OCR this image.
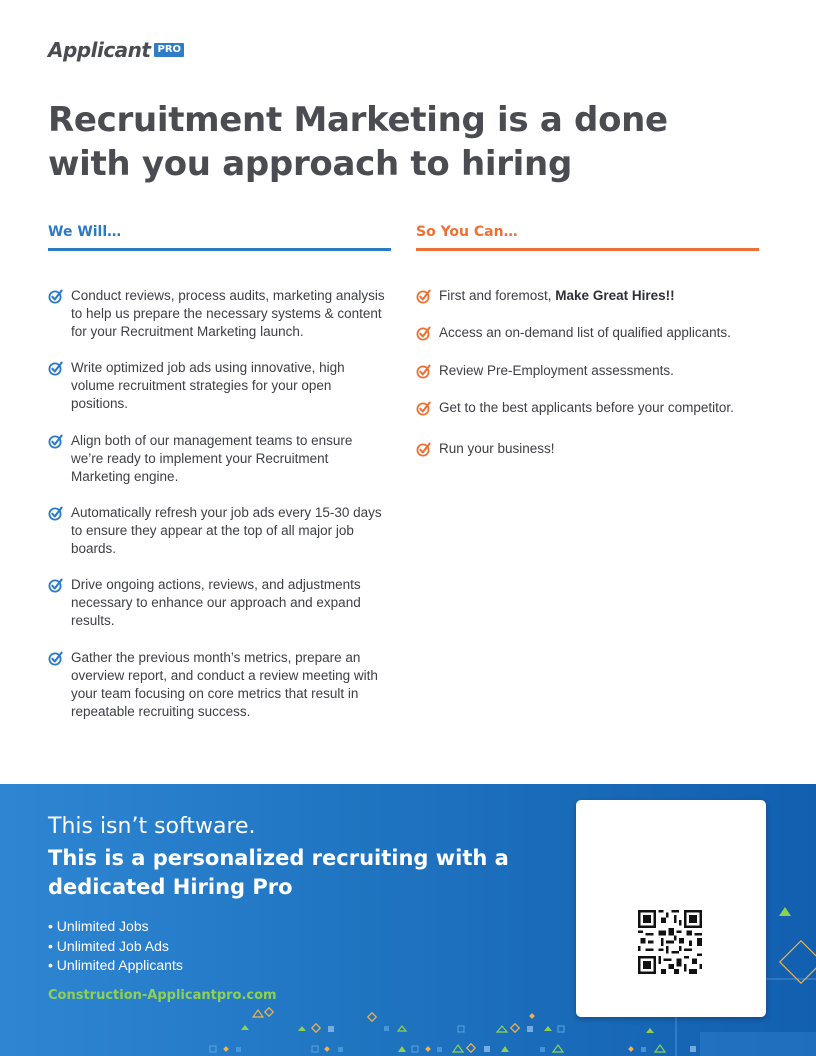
Applicant PRO
Recruitment Marketing is a done with you approach to hiring
We Will…	So You Can…
Conduct reviews, process audits, marketing analysis to help us prepare the necessary systems & content for your Recruitment Marketing launch.
Write optimized job ads using innovative, high volume recruitment strategies for your open positions.
Align both of our management teams to ensure we’re ready to implement your Recruitment Marketing engine.
Automatically refresh your job ads every 15-30 days to ensure they appear at the top of all major job boards.
Drive ongoing actions, reviews, and adjustments necessary to enhance our approach and expand results.
Gather the previous month’s metrics, prepare an overview report, and conduct a review meeting with your team focusing on core metrics that result in repeatable recruiting success.
First and foremost, Make Great Hires!!
Access an on-demand list of qualified applicants.
Review Pre-Employment assessments.
Get to the best applicants before your competitor.
Run your business!
This isn’t software.
This is a personalized recruiting with a dedicated Hiring Pro
• Unlimited Jobs
• Unlimited Job Ads
• Unlimited Applicants
Construction-Applicantpro.com
